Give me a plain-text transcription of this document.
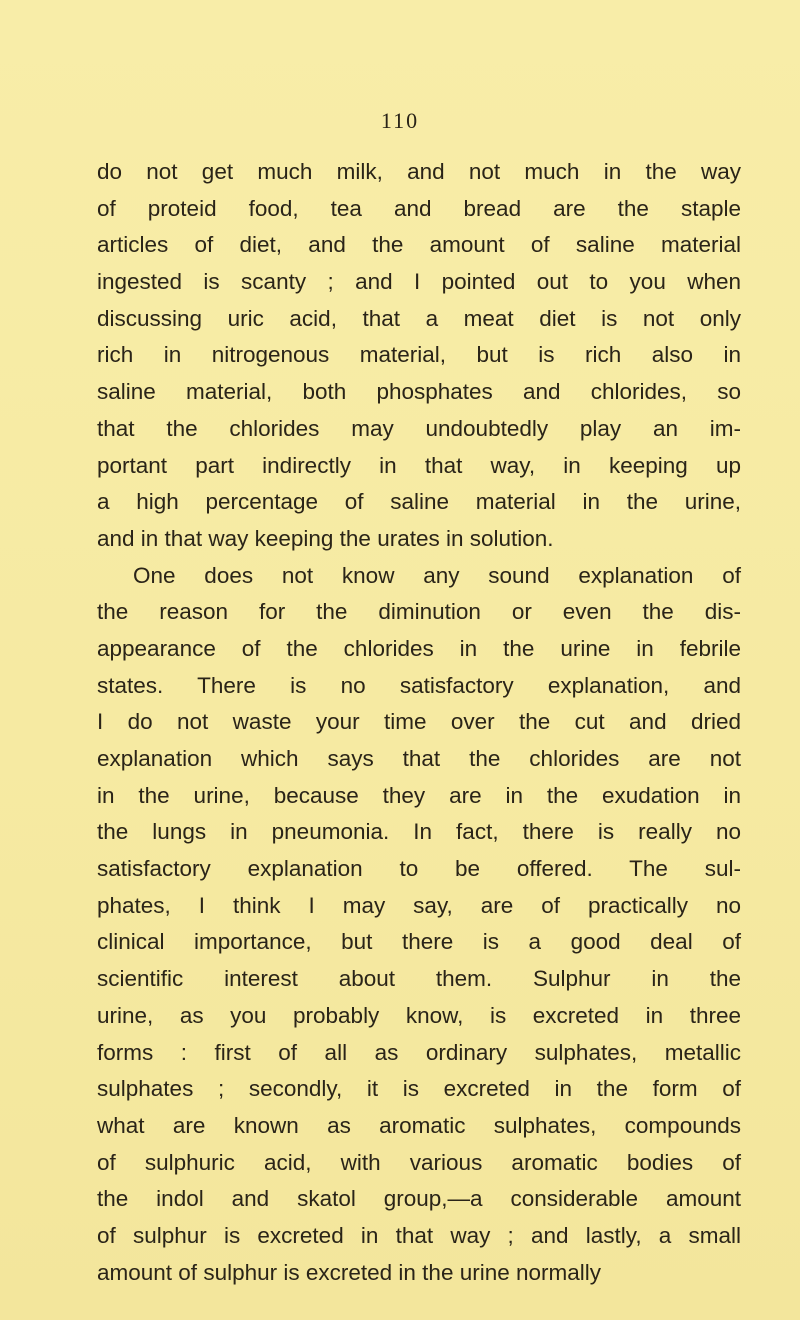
110
do not get much milk, and not much in the way
of proteid food, tea and bread are the staple
articles of diet, and the amount of saline material
ingested is scanty ; and I pointed out to you when
discussing uric acid, that a meat diet is not only
rich in nitrogenous material, but is rich also in
saline material, both phosphates and chlorides, so
that the chlorides may undoubtedly play an im-
portant part indirectly in that way, in keeping up
a high percentage of saline material in the urine,
and in that way keeping the urates in solution.
One does not know any sound explanation of
the reason for the diminution or even the dis-
appearance of the chlorides in the urine in febrile
states. There is no satisfactory explanation, and
I do not waste your time over the cut and dried
explanation which says that the chlorides are not
in the urine, because they are in the exudation in
the lungs in pneumonia. In fact, there is really no
satisfactory explanation to be offered. The sul-
phates, I think I may say, are of practically no
clinical importance, but there is a good deal of
scientific interest about them. Sulphur in the
urine, as you probably know, is excreted in three
forms : first of all as ordinary sulphates, metallic
sulphates ; secondly, it is excreted in the form of
what are known as aromatic sulphates, compounds
of sulphuric acid, with various aromatic bodies of
the indol and skatol group,—a considerable amount
of sulphur is excreted in that way ; and lastly, a small
amount of sulphur is excreted in the urine normally
